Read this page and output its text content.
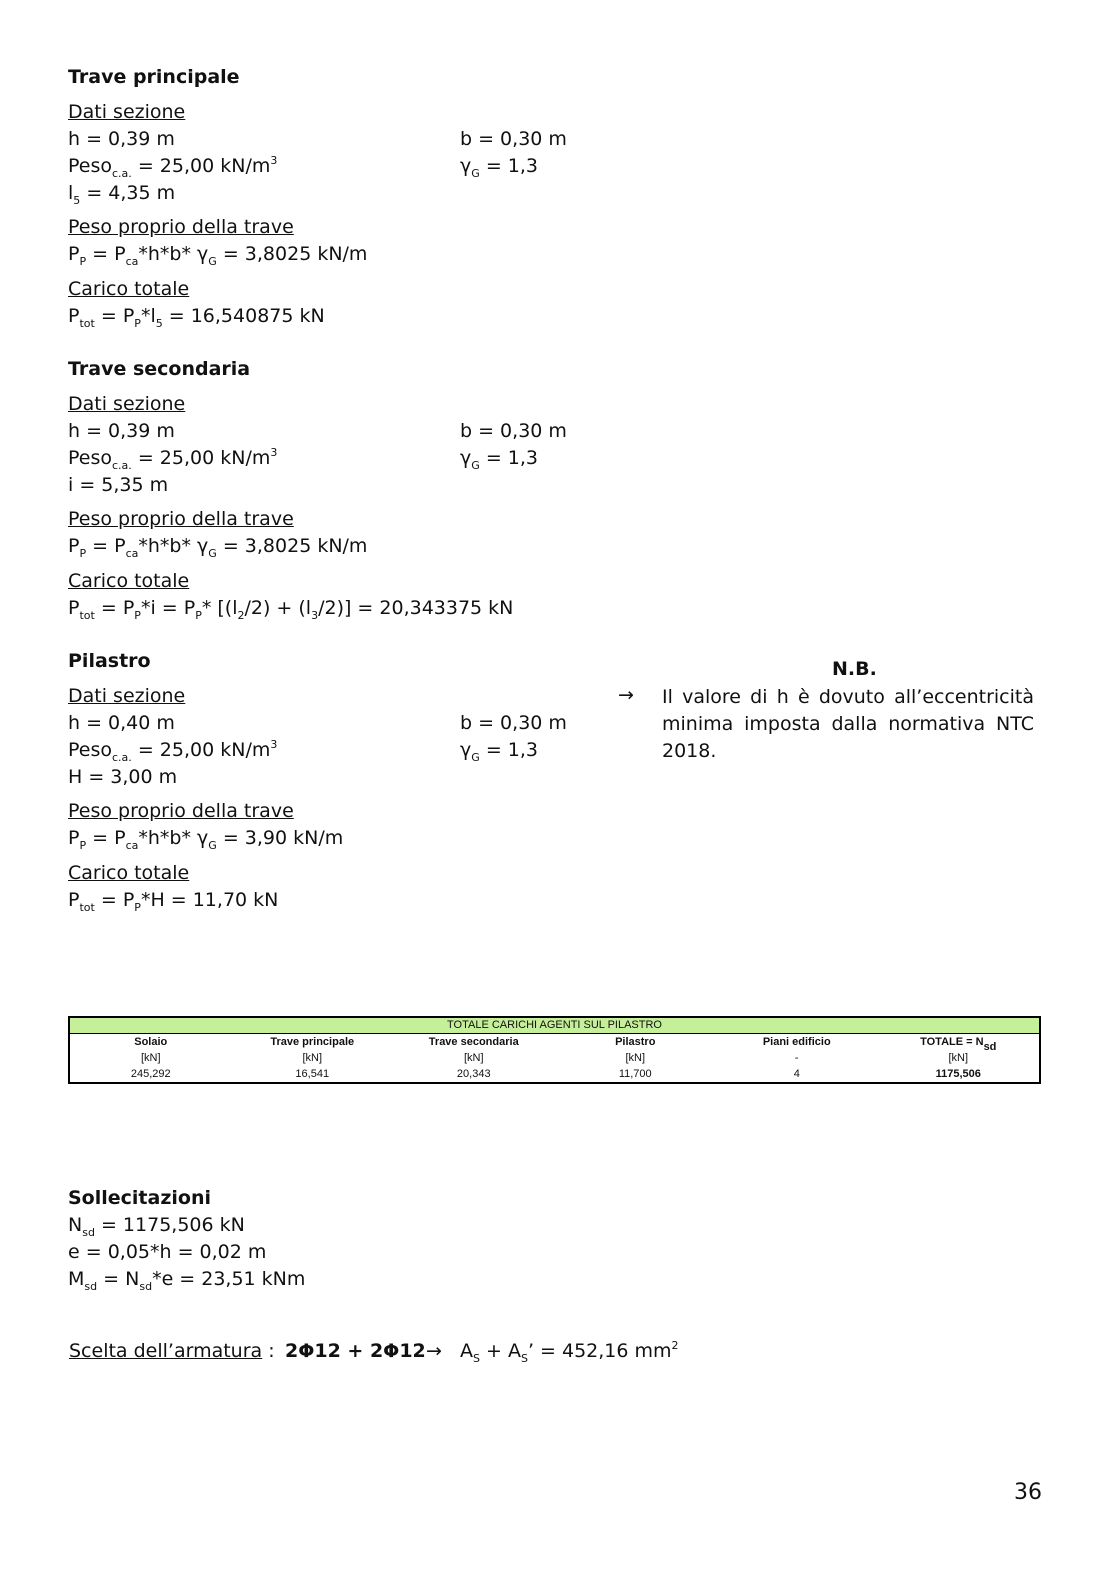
Trave principale
Dati sezione
h = 0,39 m	b = 0,30 m
Peso$_{c.a.}$ = 25,00 $kN/m^3$	$\gamma_G = 1,3$
$l_5 = 4,35$ m
Peso proprio della trave
$P_P = P_{ca}*h*b*$ $\gamma_G = 3,8025$ kN/m
Carico totale
$P_{tot} = P_P*l_5 = 16,540875$ kN
Trave secondaria
Dati sezione
h = 0,39 m	b = 0,30 m
Peso$_{c.a.}$ = 25,00 $kN/m^3$	$\gamma_G = 1,3$
i = 5,35 m
Peso proprio della trave
$P_P = P_{ca}*h*b*$ $\gamma_G = 3,8025$ kN/m
Carico totale
$P_{tot} = P_P*i = P_P*$ $[(l_2/2) + (l_3/2)] = 20,343375$ kN
Pilastro
Dati sezione
h = 0,40 m	b = 0,30 m
Peso$_{c.a.}$ = 25,00 $kN/m^3$	$\gamma_G = 1,3$
H = 3,00 m
Peso proprio della trave
$P_P = P_{ca}*h*b*$ $\gamma_G = 3,90$ kN/m
Carico totale
$P_{tot} = P_P*H = 11,70$ kN
N.B.
→ Il valore di h è dovuto all’eccentricità minima imposta dalla normativa NTC 2018.
TOTALE CARICHI AGENTI SUL PILASTRO
Solaio	Trave principale	Trave secondaria	Pilastro	Piani edificio	TOTALE = $N_{sd}$
[kN]	[kN]	[kN]	[kN]	-	[kN]
245,292	16,541	20,343	11,700	4	1175,506
Sollecitazioni
$N_{sd} = 1175,506$ kN
e = 0,05*h = 0,02 m
$M_{sd} = N_{sd}*e = 23,51$ kNm
Scelta dell’armatura : $2\Phi 12 + 2\Phi 12 \to A_S + A_S$’ = 452,16 $mm^2$
36
